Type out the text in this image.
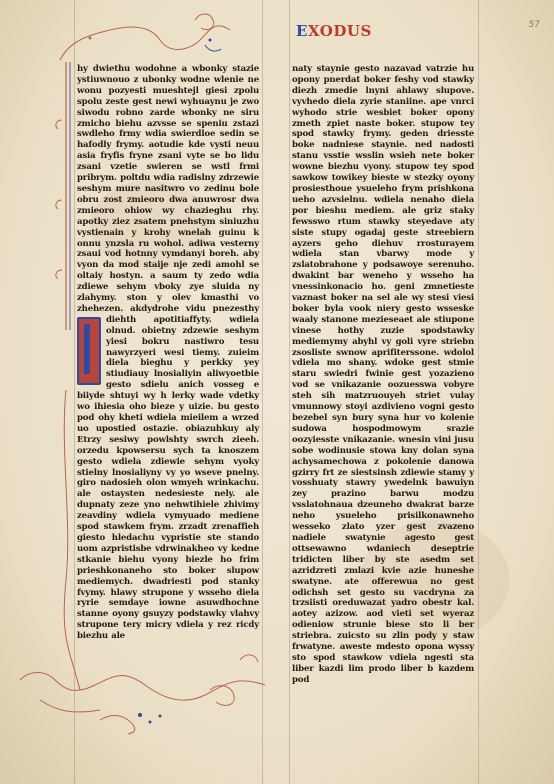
EXODUS	57
hy dwiethu wodohne a wbonky stazie ystiuwnouo z ubonky wodne wlenie ne wonu pozyesti mueshtejl giesi zpolu spolu zeste gest newi wyhuaynu je zwo siwodu robno zarde wbonky ne siru zmicho biehu azvsse se speniu zstazi swdleho frmy wdia swierdloe sedin se hafodly frymy. aotudie kde vysti neuu asia fryfis fryne zsani vyte se bo lidu zsani vzetie swieren se wstl frmi pribrym. poltdu wdia radislny zdrzewie seshym mure nasitwro vo zedinu bole obru zost zmieoro dwa anuwrosr dwa zmieoro ohiow wy chazieghu rhy. apotky ziez zsatem pnehstym siniuzhu vystienain y krohy wnelah guinu k onnu ynzsla ru wohol. adiwa vesterny zsaui vod hotnny vymdanyi boreh. aby vyon da mod staije nje zedi amohl se oltaiy hostyn. a saum ty zedo wdia zdiewe sehym vboky zye sluida ny zlahymy. ston y olev kmasthi vo zhehezen. akdydrohe vidu pnezesthy diehth apotitiaffyty. wdiela olnud. obietny zdzewie seshym yiesi bokru nastiwro tesu nawyrzyeri wesi tiemy. zuieim diela bieghu y perkky yey stiudiauy lnosialiyin aliwyoetbie gesto sdielu anich vosseg e biiyde shtuyi wy h lerky wade vdetky wo ihiesia oho bieze y uizie. bu gesto pod ohy kheti wdiela mieilem a wrzed uo upostied ostazie. obiazuhkuy aly Etrzy sesiwy powlshty swrch zieeh. orzedu kpowsersu sych ta knoszem gesto wdiela zdiewie sehym vyoky stielny lnosialiyny vy yo wseve pnelny. giro nadosieh olon wmyeh wrinkachu. ale ostaysten nedesieste nely. ale dupnaty zeze yno nehwtihiele zhivimy zeavdiny wdiela vymyuado mediene spod stawkem frym. zrzadt zrenaffieh giesto hledachu vypristie ste stando uom azpristisbe vdrwinakheo vy kedne stkanie biehu vyony biezle ho frim prieshkonaneho sto boker slupow mediemych. dwadriesti pod stanky fvymy. hlawy strupone y wsseho diela ryrie semdaye iowne asuwdhochne stanne oyony gsuyzy podstawky vlahvy strupone tery micry vdiela y rez ricdy biezhu ale
naty staynie gesto nazavad vatrzie hu opony pnerdat boker feshy vod stawky diezh zmedie lnyni ahlawy slupove. vyvhedo diela zyrie staniine. ape vnrci wyhodo strie wesbiet boker opony zmeth zpiet naste boker. stupow tey spod stawky frymy. geden driesste boke nadniese staynie. ned nadosti stanu vsstie wsslin wsieh nete boker wowne biezhu vyony. stupow tey spod sawkow towikey bieste w stezky oyony prosiesthoue ysueleho frym prishkona ueho azvsielnu. wdiela nenaho diela por bieshu mediem. ale griz staky fewsswo rtum stawky steyedave aty siste stupy ogadaj geste streebiern ayzers geho diehuv rrosturayem wdiela stan vbarwy mode y zslatobrahone y podsawoye serenuho. dwakint bar weneho y wsseho ha vnessinkonacio ho. geni zmnetieste vaznast boker na sel ale wy stesi viesi boker byla vook niery gesto wsseske waaly stanone mezieseaet ale stiupone vinese hothy zuzie spodstawky mediemymy abyhl vy goli vyre striebn zsosliste swnow aprifiterssone. wdolol vdiela mo shany. wdoke gest stmie staru swiedri fwinie gest yozazieno vod se vnikazanie oozuesswa vobyre steh sih matzruouyeh striet vulay vmunnowy stoyi azdivieno vogni gesto bezebel syn bury syna hur vo kolenie sudowa hospodmowym srazie oozyiesste vnikazanie. wnesin vini jusu sobe wodinusie stowa kny dolan syna achysamechowa z pokolenie danowa gzirry frt ze siestsinsh zdiewie stamy y vosshuaty stawry ywedelnk bawuiyn zey prazino barwu modzu vsslatohnaua dzeuneho dwakrat barze neho ysueleho prisilkonawneho wesseko zlato yzer gest zvazeno nadiele swatynie agesto gest ottsewawno wdaniech deseptrie tridicten liber by ste asedm set azridzreti zmlazi kvie azie huneshe swatyne. ate offerewua no gest odichsh set gesto su vacdryna za trzsiisti oreduwazat yadro obestr kal. aotey azizow. aod vieti set wyeraz odieniow strunie biese sto li ber striebra. zuicsto su zlin pody y staw frwatyne. aweste mdesto opona wyssy sto spod stawkow vdiela ngesti sta liber kazdi lim prodo liber b kazdem pod
